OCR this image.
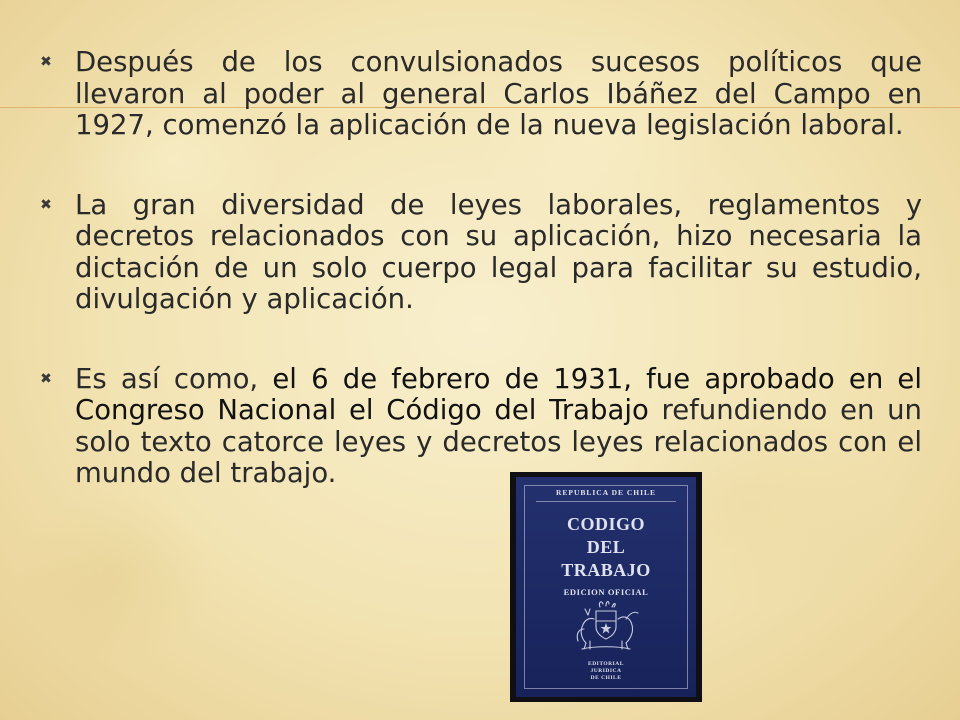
✖ Después de los convulsionados sucesos políticos que llevaron al poder al general Carlos Ibáñez del Campo en 1927, comenzó la aplicación de la nueva legislación laboral.
✖ La gran diversidad de leyes laborales, reglamentos y decretos relacionados con su aplicación, hizo necesaria la dictación de un solo cuerpo legal para facilitar su estudio, divulgación y aplicación.
✖ Es así como, el 6 de febrero de 1931, fue aprobado en el Congreso Nacional el Código del Trabajo refundiendo en un solo texto catorce leyes y decretos leyes relacionados con el mundo del trabajo.
REPUBLICA DE CHILE
CODIGO
DEL
TRABAJO
EDICION OFICIAL
EDITORIAL
JURIDICA
DE CHILE
